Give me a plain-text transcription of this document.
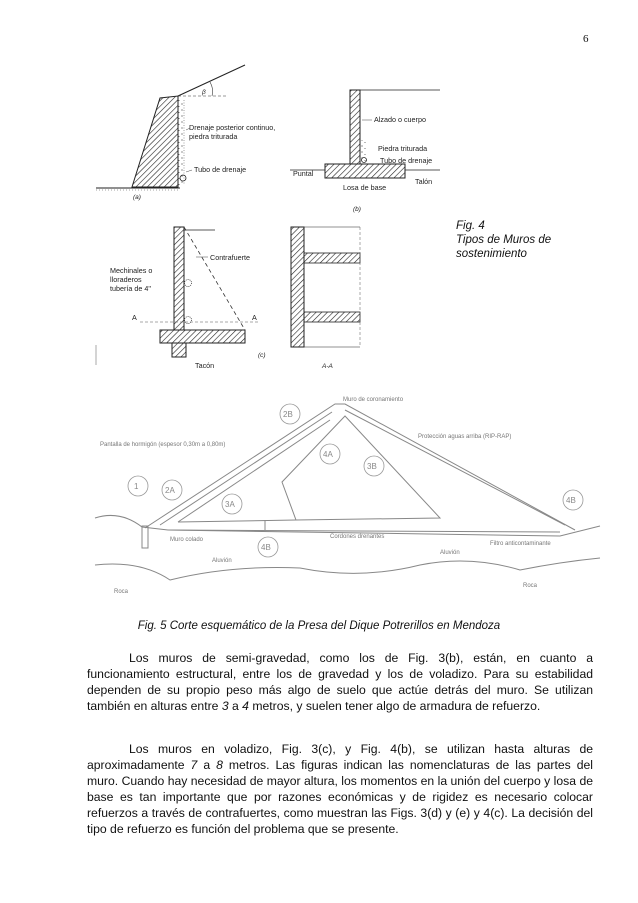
6
β
Drenaje posterior continuo,
piedra triturada
Tubo de drenaje
(a)
Alzado o cuerpo
Piedra triturada
Tubo de drenaje
Puntal
Losa de base
Talón
(b)
Contrafuerte
Mechinales o
lloraderos
tubería de 4"
A	A
Tacón
(c)
A-A
Fig. 4
Tipos de Muros de
sostenimiento
1	2A
2B
3A
3B
4A
4B
4B
Muro de coronamiento
Pantalla de hormigón (espesor 0,30m a 0,80m)
Protección aguas arriba (RIP-RAP)
Muro colado	Cordones drenantes
Filtro anticontaminante
Aluvión
Aluvión
Roca
Roca
Fig. 5 Corte esquemático de la Presa del Dique Potrerillos en Mendoza

Los muros de semi-gravedad, como los de Fig. 3(b), están, en cuanto a funcionamiento estructural, entre los de gravedad y los de voladizo. Para su estabilidad dependen de su propio peso más algo de suelo que actúe detrás del muro. Se utilizan también en alturas entre 3 a 4 metros, y suelen tener algo de armadura de refuerzo.

Los muros en voladizo, Fig. 3(c), y Fig. 4(b), se utilizan hasta alturas de aproximadamente 7 a 8 metros. Las figuras indican las nomenclaturas de las partes del muro. Cuando hay necesidad de mayor altura, los momentos en la unión del cuerpo y losa de base es tan importante que por razones económicas y de rigidez es necesario colocar refuerzos a través de contrafuertes, como muestran las Figs. 3(d) y (e) y 4(c). La decisión del tipo de refuerzo es función del problema que se presente.
